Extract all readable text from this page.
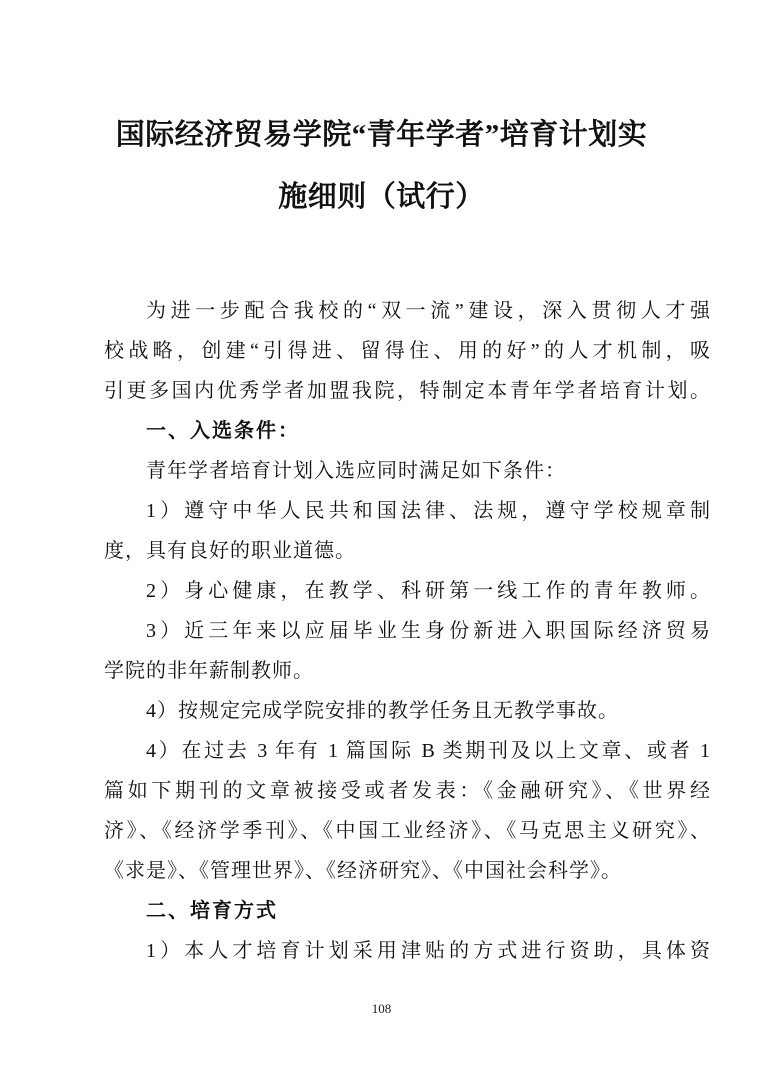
国际经济贸易学院“青年学者”培育计划实
施细则（试行）
为进一步配合我校的“双一流”建设，深入贯彻人才强
校战略，创建“引得进、留得住、用的好”的人才机制，吸
引更多国内优秀学者加盟我院，特制定本青年学者培育计划。
一、入选条件：
青年学者培育计划入选应同时满足如下条件：
1）遵守中华人民共和国法律、法规，遵守学校规章制
度，具有良好的职业道德。
2）身心健康，在教学、科研第一线工作的青年教师。
3）近三年来以应届毕业生身份新进入职国际经济贸易
学院的非年薪制教师。
4）按规定完成学院安排的教学任务且无教学事故。
4）在过去 3 年有 1 篇国际 B 类期刊及以上文章、或者 1
篇如下期刊的文章被接受或者发表：《金融研究》、《世界经
济》、《经济学季刊》、《中国工业经济》、《马克思主义研究》、
《求是》、《管理世界》、《经济研究》、《中国社会科学》。
二、培育方式
1）本人才培育计划采用津贴的方式进行资助，具体资
108
